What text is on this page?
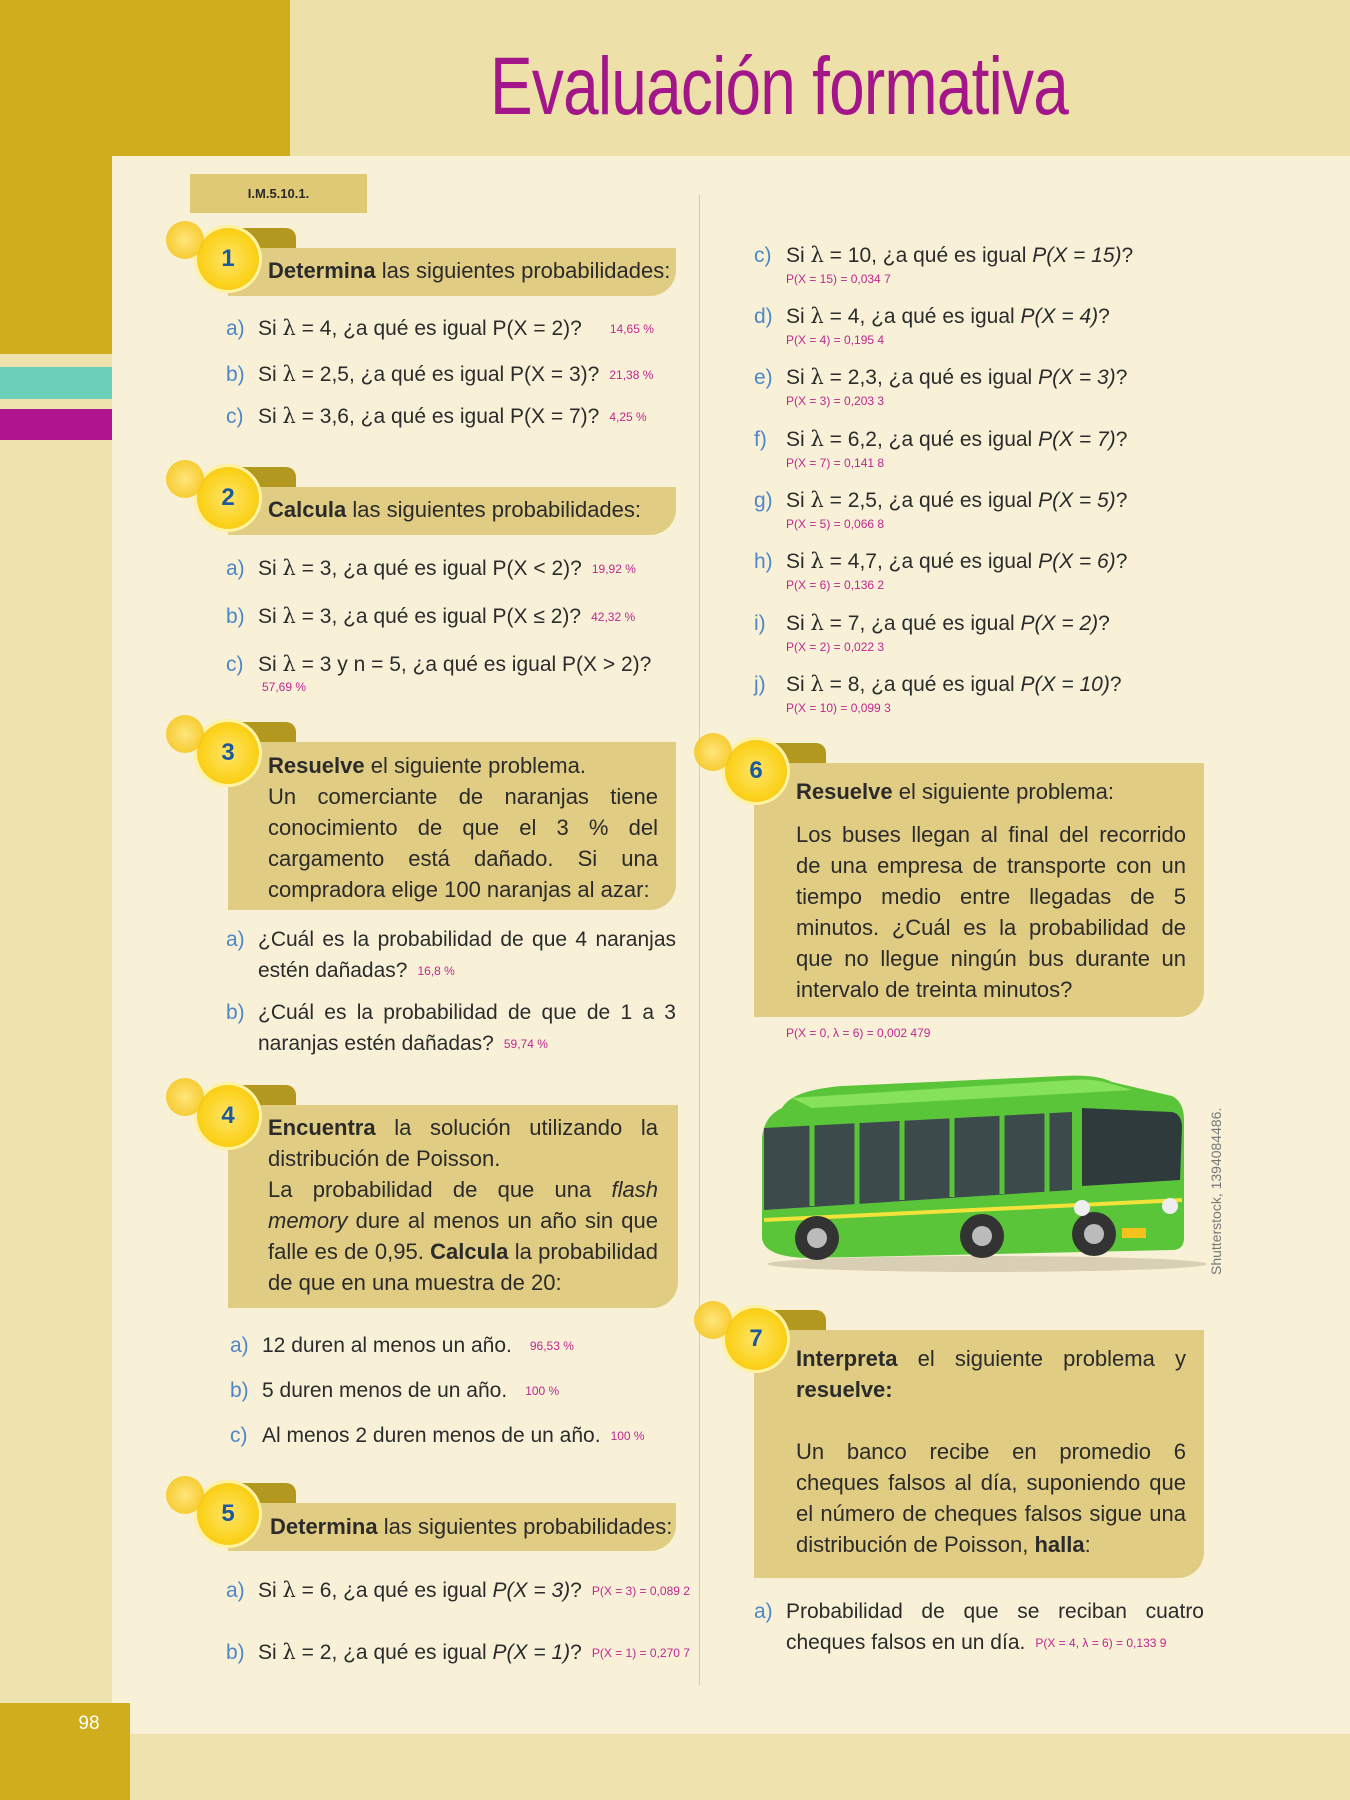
98
Evaluación formativa
I.M.5.10.1.
1	Determina las siguientes probabilidades:
a) Si λ = 4, ¿a qué es igual P(X = 2)? 14,65 %
b) Si λ = 2,5, ¿a qué es igual P(X = 3)? 21,38 %
c) Si λ = 3,6, ¿a qué es igual P(X = 7)? 4,25 %
2	Calcula las siguientes probabilidades:
a) Si λ = 3, ¿a qué es igual P(X < 2)? 19,92 %
b) Si λ = 3, ¿a qué es igual P(X ≤ 2)? 42,32 %
c) Si λ = 3 y n = 5, ¿a qué es igual P(X > 2)?
57,69 %
3	Resuelve el siguiente problema.
Un comerciante de naranjas tiene conocimiento de que el 3 % del cargamento está dañado. Si una compradora elige 100 naranjas al azar:
a) ¿Cuál es la probabilidad de que 4 naranjas estén dañadas? 16,8 %
b) ¿Cuál es la probabilidad de que de 1 a 3 naranjas estén dañadas? 59,74 %
4	Encuentra la solución utilizando la distribución de Poisson.
La probabilidad de que una flash memory dure al menos un año sin que falle es de 0,95. Calcula la probabilidad de que en una muestra de 20:
a) 12 duren al menos un año. 96,53 %
b) 5 duren menos de un año. 100 %
c) Al menos 2 duren menos de un año. 100 %
5	Determina las siguientes probabilidades:
a) Si λ = 6, ¿a qué es igual P(X = 3)? P(X = 3) = 0,089 2
b) Si λ = 2, ¿a qué es igual P(X = 1)? P(X = 1) = 0,270 7
c) Si λ = 10, ¿a qué es igual P(X = 15)?
P(X = 15) = 0,034 7
d) Si λ = 4, ¿a qué es igual P(X = 4)?
P(X = 4) = 0,195 4
e) Si λ = 2,3, ¿a qué es igual P(X = 3)?
P(X = 3) = 0,203 3
f) Si λ = 6,2, ¿a qué es igual P(X = 7)?
P(X = 7) = 0,141 8
g) Si λ = 2,5, ¿a qué es igual P(X = 5)?
P(X = 5) = 0,066 8
h) Si λ = 4,7, ¿a qué es igual P(X = 6)?
P(X = 6) = 0,136 2
i) Si λ = 7, ¿a qué es igual P(X = 2)?
P(X = 2) = 0,022 3
j) Si λ = 8, ¿a qué es igual P(X = 10)?
P(X = 10) = 0,099 3
6
Resuelve el siguiente problema:
Los buses llegan al final del recorrido de una empresa de transporte con un tiempo medio entre llegadas de 5 minutos. ¿Cuál es la probabilidad de que no llegue ningún bus durante un intervalo de treinta minutos?
P(X = 0, λ = 6) = 0,002 479
Shutterstock, 1394084486.
7
Interpreta el siguiente problema y resuelve:
Un banco recibe en promedio 6 cheques falsos al día, suponiendo que el número de cheques falsos sigue una distribución de Poisson, halla:
a) Probabilidad de que se reciban cuatro cheques falsos en un día. P(X = 4, λ = 6) = 0,133 9
